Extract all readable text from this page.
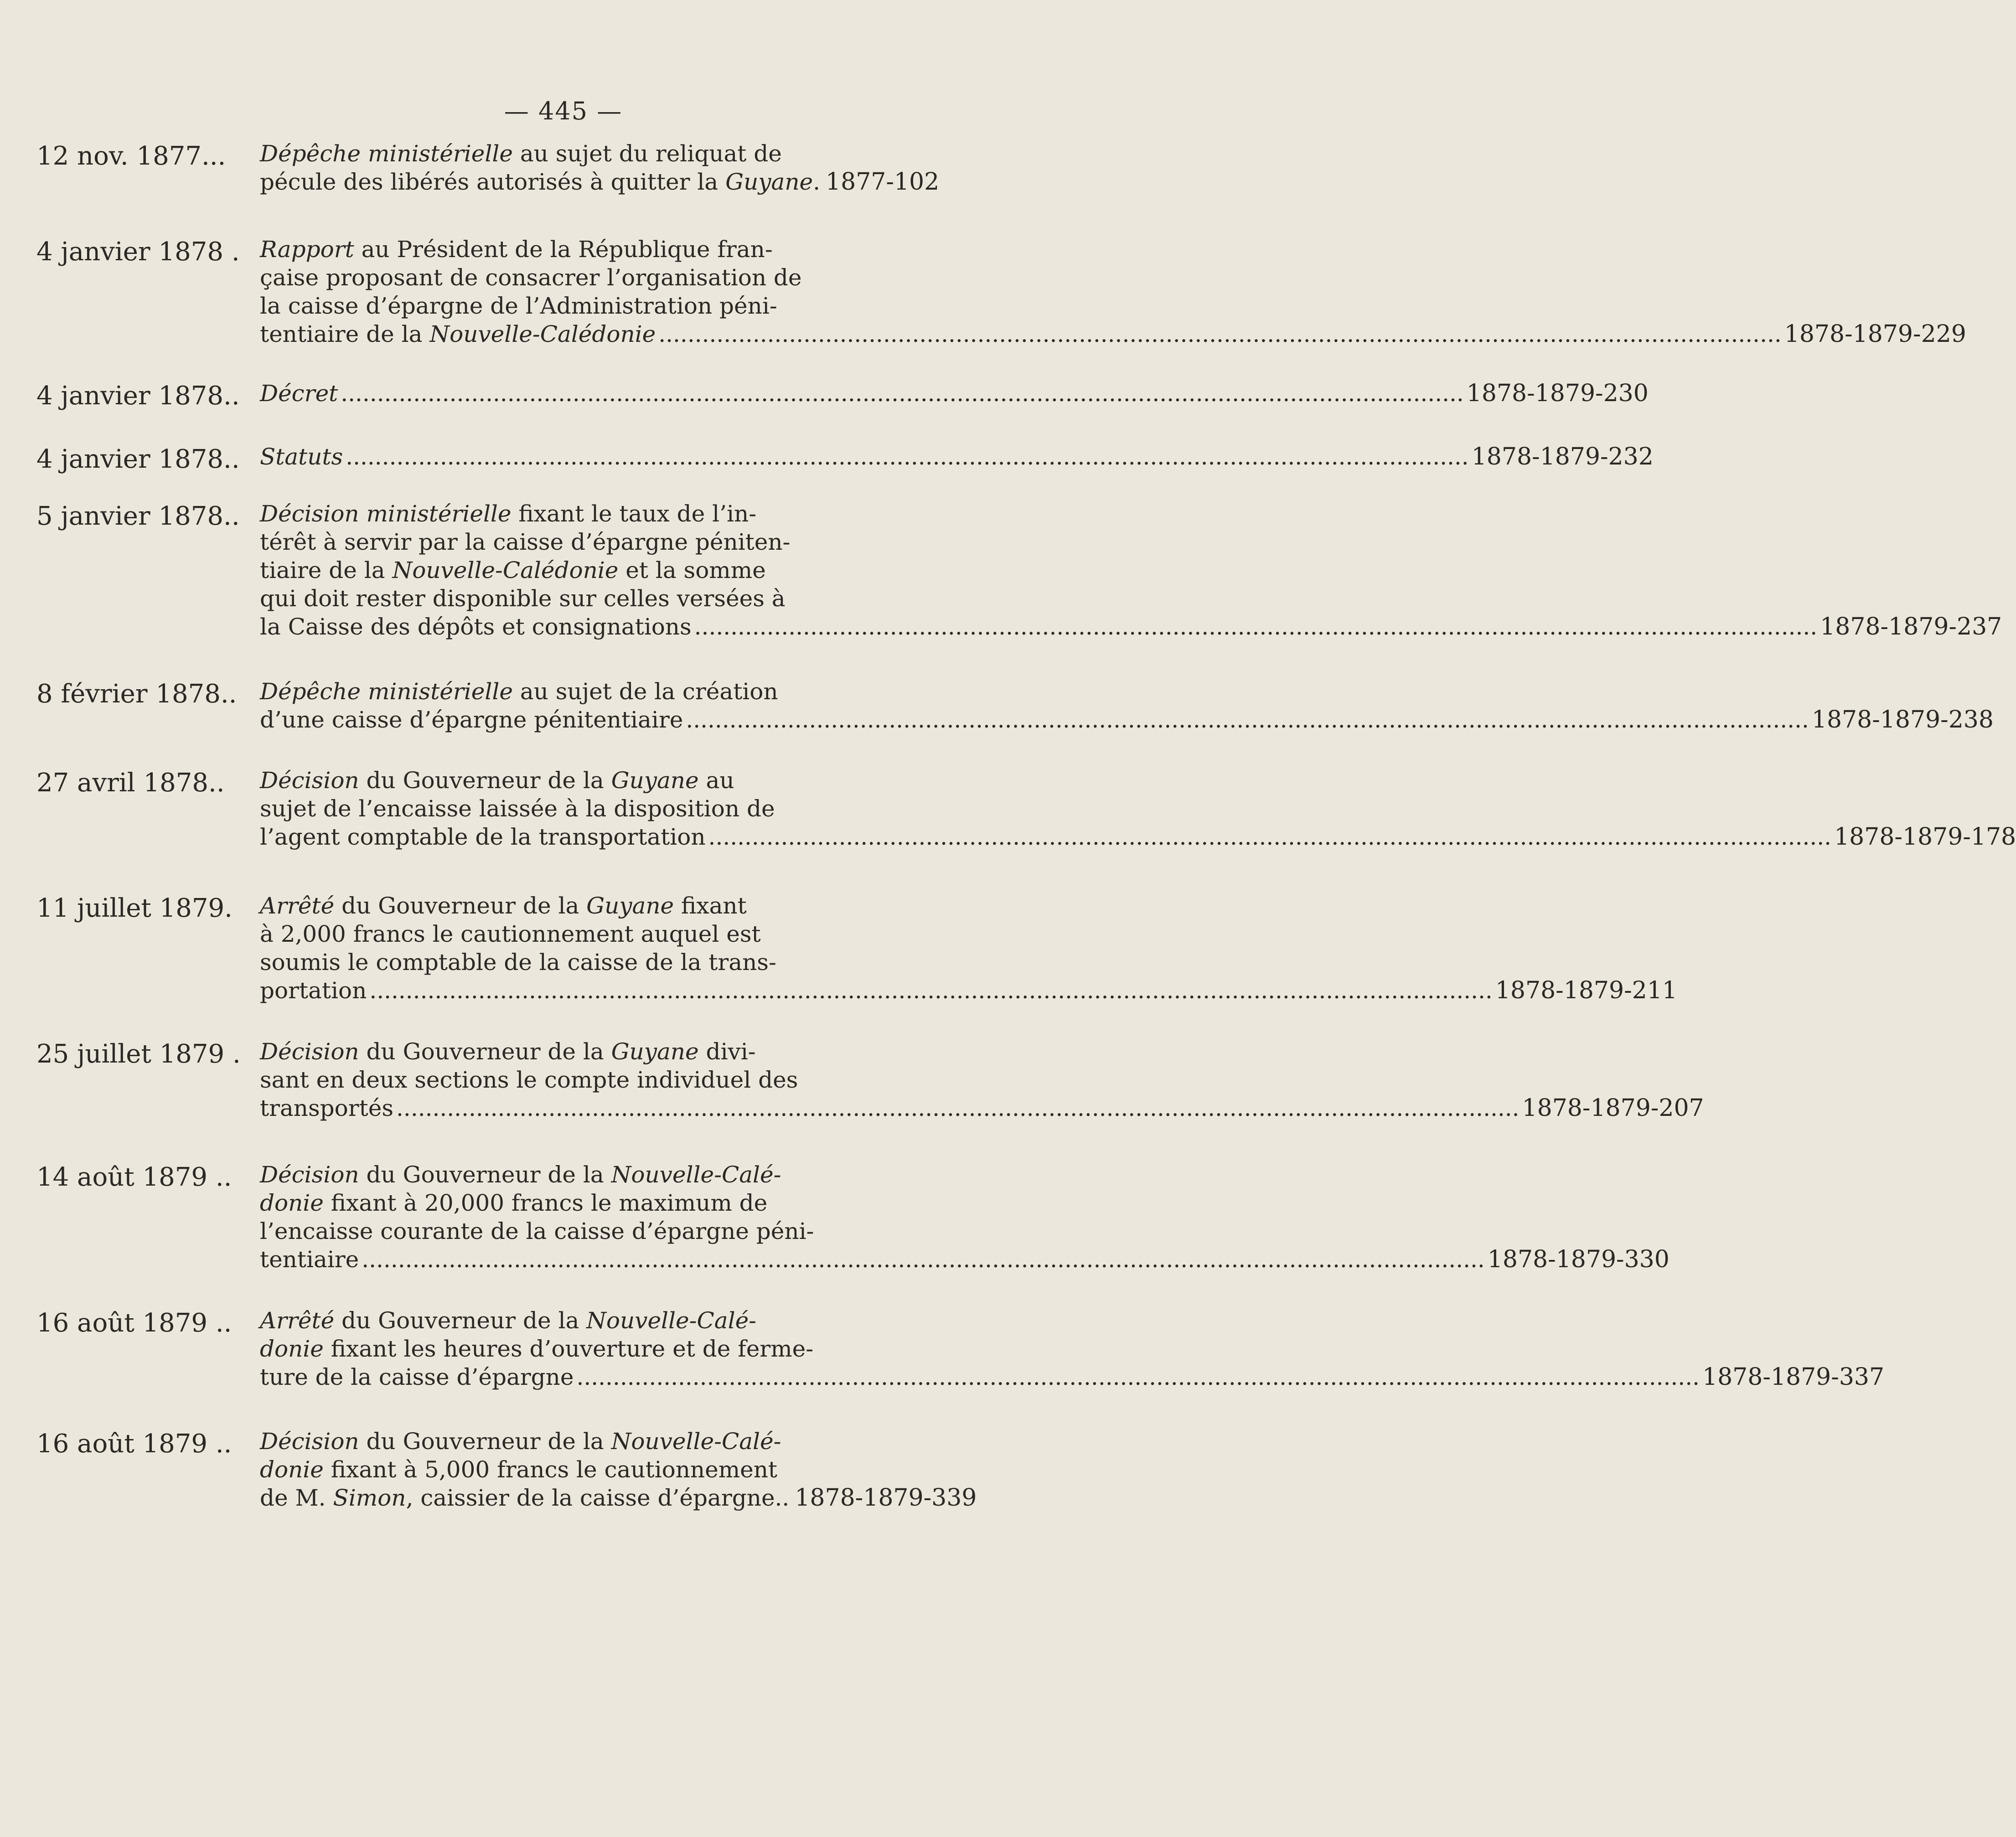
— 445 —
12 nov. 1877... Dépêche ministérielle au sujet du reliquat de
pécule des libérés autorisés à quitter la Guyane. 1877-102
4 janvier 1878 . Rapport au Président de la République fran-
çaise proposant de consacrer l’organisation de
la caisse d’épargne de l’Administration péni-
tentiaire de la Nouvelle-Calédonie .....	1878-1879-229
4 janvier 1878.. Décret .....	1878-1879-230
4 janvier 1878.. Statuts .....	1878-1879-232
5 janvier 1878.. Décision ministérielle fixant le taux de l’in-
térêt à servir par la caisse d’épargne péniten-
tiaire de la Nouvelle-Calédonie et la somme
qui doit rester disponible sur celles versées à
la Caisse des dépôts et consignations .....	1878-1879-237
8 février 1878.. Dépêche ministérielle au sujet de la création
d’une caisse d’épargne pénitentiaire .....	1878-1879-238
27 avril 1878.. Décision du Gouverneur de la Guyane au
sujet de l’encaisse laissée à la disposition de
l’agent comptable de la transportation .....	1878-1879-178
11 juillet 1879. Arrêté du Gouverneur de la Guyane fixant
à 2,000 francs le cautionnement auquel est
soumis le comptable de la caisse de la trans-
portation .....	1878-1879-211
25 juillet 1879 . Décision du Gouverneur de la Guyane divi-
sant en deux sections le compte individuel des
transportés .....	1878-1879-207
14 août 1879 .. Décision du Gouverneur de la Nouvelle-Calé-
donie fixant à 20,000 francs le maximum de
l’encaisse courante de la caisse d’épargne péni-
tentiaire .....	1878-1879-330
16 août 1879 .. Arrêté du Gouverneur de la Nouvelle-Calé-
donie fixant les heures d’ouverture et de ferme-
ture de la caisse d’épargne .....	1878-1879-337
16 août 1879 .. Décision du Gouverneur de la Nouvelle-Calé-
donie fixant à 5,000 francs le cautionnement
de M. Simon, caissier de la caisse d’épargne.. 1878-1879-339
